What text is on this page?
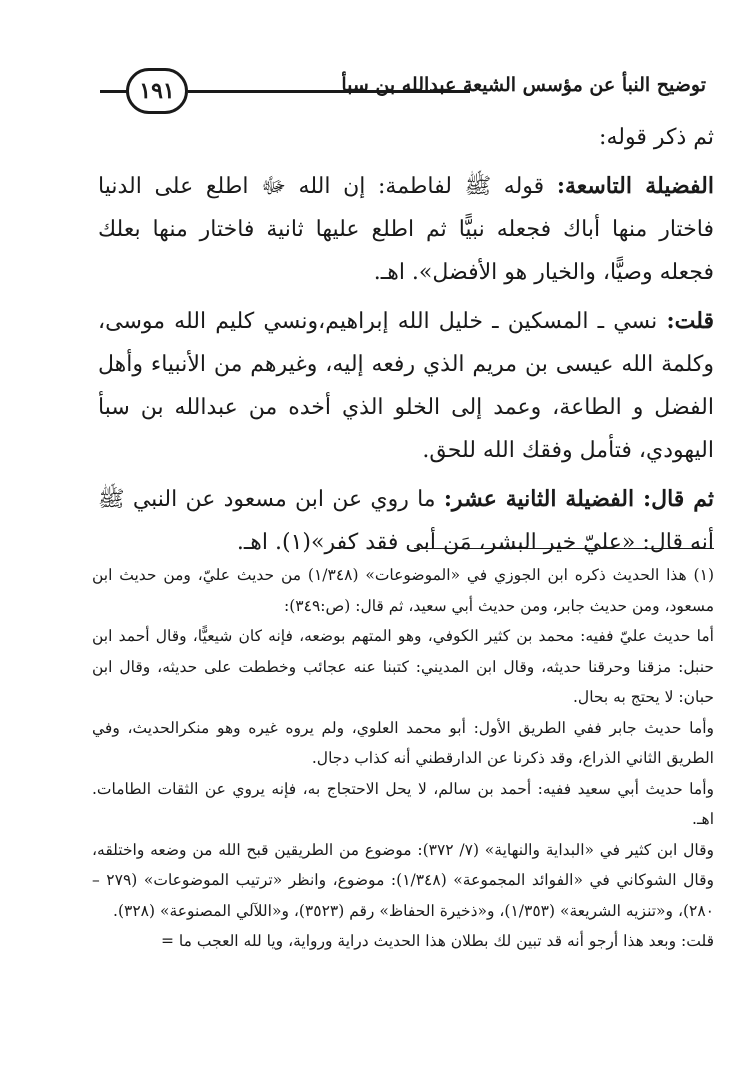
توضيح النبأ عن مؤسس الشيعة عبدالله بن سبأ
١٩١

ثم ذكر قوله:

الفضيلة التاسعة: قوله ﷺ لفاطمة: إن الله ﷻ اطلع على الدنيا فاختار منها أباك فجعله نبيًّا ثم اطلع عليها ثانية فاختار منها بعلك فجعله وصيًّا، والخيار هو الأفضل». اهـ.

قلت: نسي ـ المسكين ـ خليل الله إبراهيم،ونسي كليم الله موسى، وكلمة الله عيسى بن مريم الذي رفعه إليه، وغيرهم من الأنبياء وأهل الفضل و الطاعة، وعمد إلى الخلو الذي أخده من عبدالله بن سبأ اليهودي، فتأمل وفقك الله للحق.

ثم قال: الفضيلة الثانية عشر: ما روي عن ابن مسعود عن النبي ﷺ أنه قال: «عليّ خير البشر، مَن أبى فقد كفر»(١). اهـ.

(١) هذا الحديث ذكره ابن الجوزي في «الموضوعات» (١/٣٤٨) من حديث عليّ، ومن حديث ابن مسعود، ومن حديث جابر، ومن حديث أبي سعيد، ثم قال: (ص:٣٤٩):

أما حديث عليّ ففيه: محمد بن كثير الكوفي، وهو المتهم بوضعه، فإنه كان شيعيًّا، وقال أحمد ابن حنبل: مزقنا وحرقنا حديثه، وقال ابن المديني: كتبنا عنه عجائب وخططت على حديثه، وقال ابن حبان: لا يحتج به بحال.

وأما حديث جابر ففي الطريق الأول: أبو محمد العلوي، ولم يروه غيره وهو منكرالحديث، وفي الطريق الثاني الذراع، وقد ذكرنا عن الدارقطني أنه كذاب دجال.

وأما حديث أبي سعيد ففيه: أحمد بن سالم، لا يحل الاحتجاج به، فإنه يروي عن الثقات الطامات. اهـ.

وقال ابن كثير في «البداية والنهاية» (٧/ ٣٧٢): موضوع من الطريقين قبح الله من وضعه واختلقه، وقال الشوكاني في «الفوائد المجموعة» (١/٣٤٨): موضوع، وانظر «ترتيب الموضوعات» (٢٧٩ – ٢٨٠)، و«تنزيه الشريعة» (١/٣٥٣)، و«ذخيرة الحفاظ» رقم (٣٥٢٣)، و«اللآلي المصنوعة» (٣٢٨).

قلت: وبعد هذا أرجو أنه قد تبين لك بطلان هذا الحديث دراية ورواية، ويا لله العجب ما =
